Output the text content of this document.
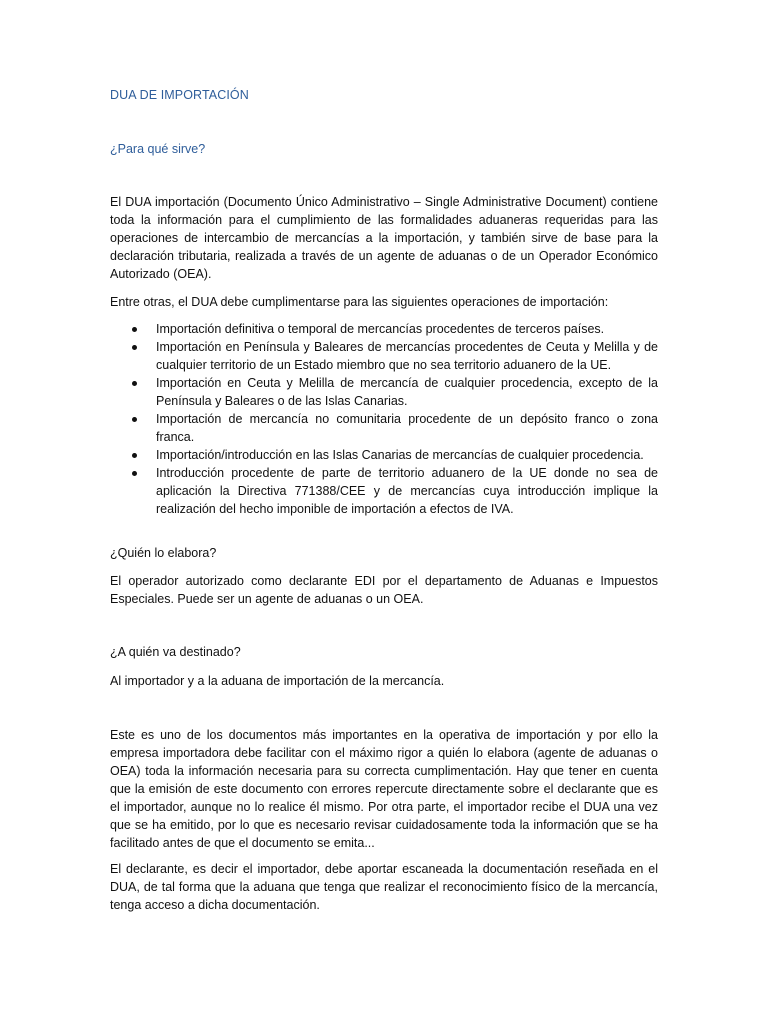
DUA DE IMPORTACIÓN
¿Para qué sirve?
El DUA importación (Documento Único Administrativo – Single Administrative Document) contiene toda la información para el cumplimiento de las formalidades aduaneras requeridas para las operaciones de intercambio de mercancías a la importación, y también sirve de base para la declaración tributaria, realizada a través de un agente de aduanas o de un Operador Económico Autorizado (OEA).
Entre otras, el DUA debe cumplimentarse para las siguientes operaciones de importación:
Importación definitiva o temporal de mercancías procedentes de terceros países.
Importación en Península y Baleares de mercancías procedentes de Ceuta y Melilla y de cualquier territorio de un Estado miembro que no sea territorio aduanero de la UE.
Importación en Ceuta y Melilla de mercancía de cualquier procedencia, excepto de la Península y Baleares o de las Islas Canarias.
Importación de mercancía no comunitaria procedente de un depósito franco o zona franca.
Importación/introducción en las Islas Canarias de mercancías de cualquier procedencia.
Introducción procedente de parte de territorio aduanero de la UE donde no sea de aplicación la Directiva 771388/CEE y de mercancías cuya introducción implique la realización del hecho imponible de importación a efectos de IVA.
¿Quién lo elabora?
El operador autorizado como declarante EDI por el departamento de Aduanas e Impuestos Especiales. Puede ser un agente de aduanas o un OEA.
¿A quién va destinado?
Al importador y a la aduana de importación de la mercancía.
Este es uno de los documentos más importantes en la operativa de importación y por ello la empresa importadora debe facilitar con el máximo rigor a quién lo elabora (agente de aduanas o OEA) toda la información necesaria para su correcta cumplimentación. Hay que tener en cuenta que la emisión de este documento con errores repercute directamente sobre el declarante que es el importador, aunque no lo realice él mismo. Por otra parte, el importador recibe el DUA una vez que se ha emitido, por lo que es necesario revisar cuidadosamente toda la información que se ha facilitado antes de que el documento se emita...
El declarante, es decir el importador, debe aportar escaneada la documentación reseñada en el DUA, de tal forma que la aduana que tenga que realizar el reconocimiento físico de la mercancía, tenga acceso a dicha documentación.
